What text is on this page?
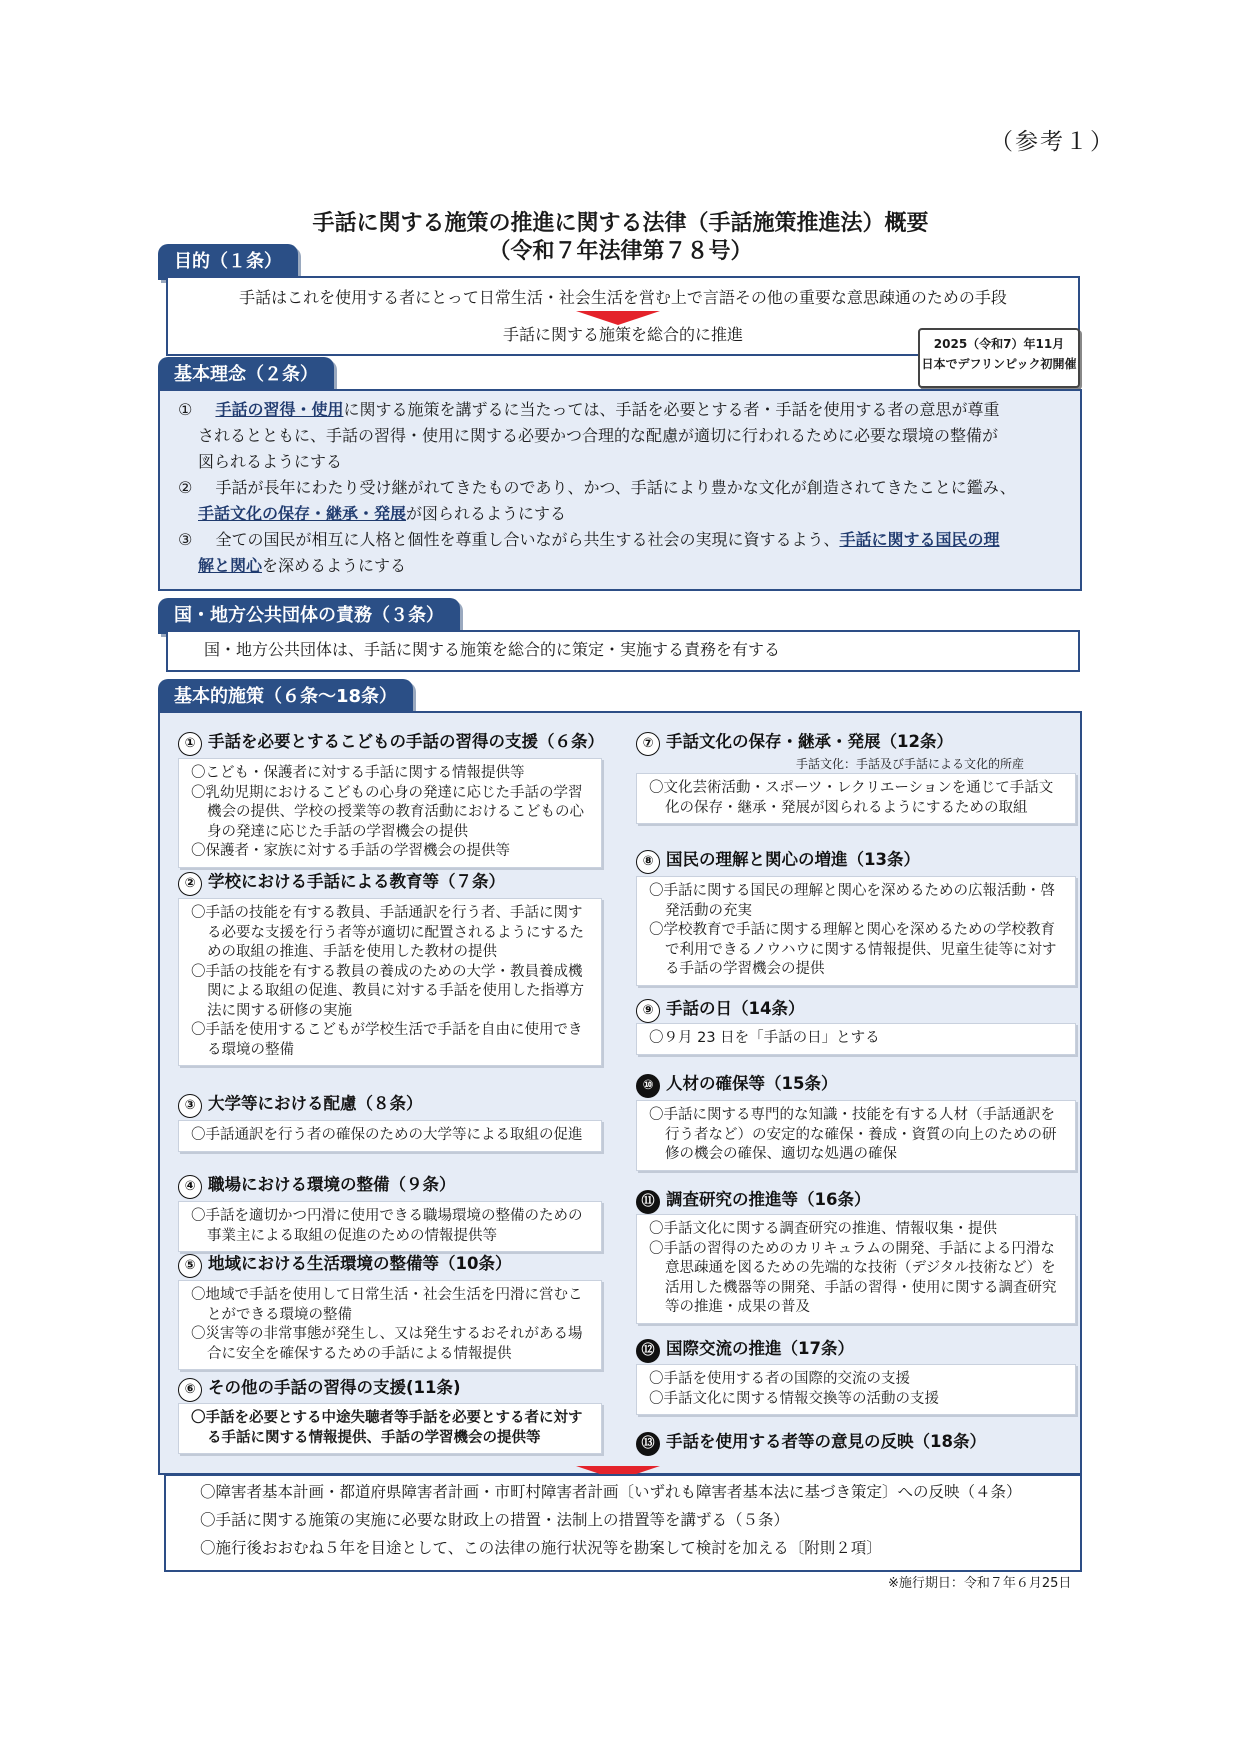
（参考１）
手話に関する施策の推進に関する法律（手話施策推進法）概要
（令和７年法律第７８号）
目的（１条）
手話はこれを使用する者にとって日常生活・社会生活を営む上で言語その他の重要な意思疎通のための手段
手話に関する施策を総合的に推進	2025（令和7）年11月
日本でデフリンピック初開催
基本理念（２条）
① 手話の習得・使用に関する施策を講ずるに当たっては、手話を必要とする者・手話を使用する者の意思が尊重
されるとともに、手話の習得・使用に関する必要かつ合理的な配慮が適切に行われるために必要な環境の整備が
図られるようにする
② 手話が長年にわたり受け継がれてきたものであり、かつ、手話により豊かな文化が創造されてきたことに鑑み、
手話文化の保存・継承・発展が図られるようにする
③ 全ての国民が相互に人格と個性を尊重し合いながら共生する社会の実現に資するよう、手話に関する国民の理
解と関心を深めるようにする
国・地方公共団体の責務（３条）
国・地方公共団体は、手話に関する施策を総合的に策定・実施する責務を有する
基本的施策（６条～18条）
① 手話を必要とするこどもの手話の習得の支援（６条）
〇こども・保護者に対する手話に関する情報提供等
〇乳幼児期におけるこどもの心身の発達に応じた手話の学習機会の提供、学校の授業等の教育活動におけるこどもの心身の発達に応じた手話の学習機会の提供
〇保護者・家族に対する手話の学習機会の提供等
② 学校における手話による教育等（７条）
〇手話の技能を有する教員、手話通訳を行う者、手話に関する必要な支援を行う者等が適切に配置されるようにするための取組の推進、手話を使用した教材の提供
〇手話の技能を有する教員の養成のための大学・教員養成機関による取組の促進、教員に対する手話を使用した指導方法に関する研修の実施
〇手話を使用するこどもが学校生活で手話を自由に使用できる環境の整備
③ 大学等における配慮（８条）
〇手話通訳を行う者の確保のための大学等による取組の促進
④ 職場における環境の整備（９条）
〇手話を適切かつ円滑に使用できる職場環境の整備のための事業主による取組の促進のための情報提供等
⑤ 地域における生活環境の整備等（10条）
〇地域で手話を使用して日常生活・社会生活を円滑に営むことができる環境の整備
〇災害等の非常事態が発生し、又は発生するおそれがある場合に安全を確保するための手話による情報提供
⑥ その他の手話の習得の支援(11条)
〇手話を必要とする中途失聴者等手話を必要とする者に対する手話に関する情報提供、手話の学習機会の提供等
⑦ 手話文化の保存・継承・発展（12条）
手話文化：手話及び手話による文化的所産
〇文化芸術活動・スポーツ・レクリエーションを通じて手話文化の保存・継承・発展が図られるようにするための取組
⑧ 国民の理解と関心の増進（13条）
〇手話に関する国民の理解と関心を深めるための広報活動・啓発活動の充実
〇学校教育で手話に関する理解と関心を深めるための学校教育で利用できるノウハウに関する情報提供、児童生徒等に対する手話の学習機会の提供
⑨ 手話の日（14条）
〇９月 23 日を「手話の日」とする
⑩ 人材の確保等（15条）
〇手話に関する専門的な知識・技能を有する人材（手話通訳を行う者など）の安定的な確保・養成・資質の向上のための研修の機会の確保、適切な処遇の確保
⑪ 調査研究の推進等（16条）
〇手話文化に関する調査研究の推進、情報収集・提供
〇手話の習得のためのカリキュラムの開発、手話による円滑な意思疎通を図るための先端的な技術（デジタル技術など）を活用した機器等の開発、手話の習得・使用に関する調査研究等の推進・成果の普及
⑫ 国際交流の推進（17条）
〇手話を使用する者の国際的交流の支援
〇手話文化に関する情報交換等の活動の支援
⑬ 手話を使用する者等の意見の反映（18条）
〇障害者基本計画・都道府県障害者計画・市町村障害者計画〔いずれも障害者基本法に基づき策定〕への反映（４条）
〇手話に関する施策の実施に必要な財政上の措置・法制上の措置等を講ずる（５条）
〇施行後おおむね５年を目途として、この法律の施行状況等を勘案して検討を加える〔附則２項〕
※施行期日：令和７年６月25日
